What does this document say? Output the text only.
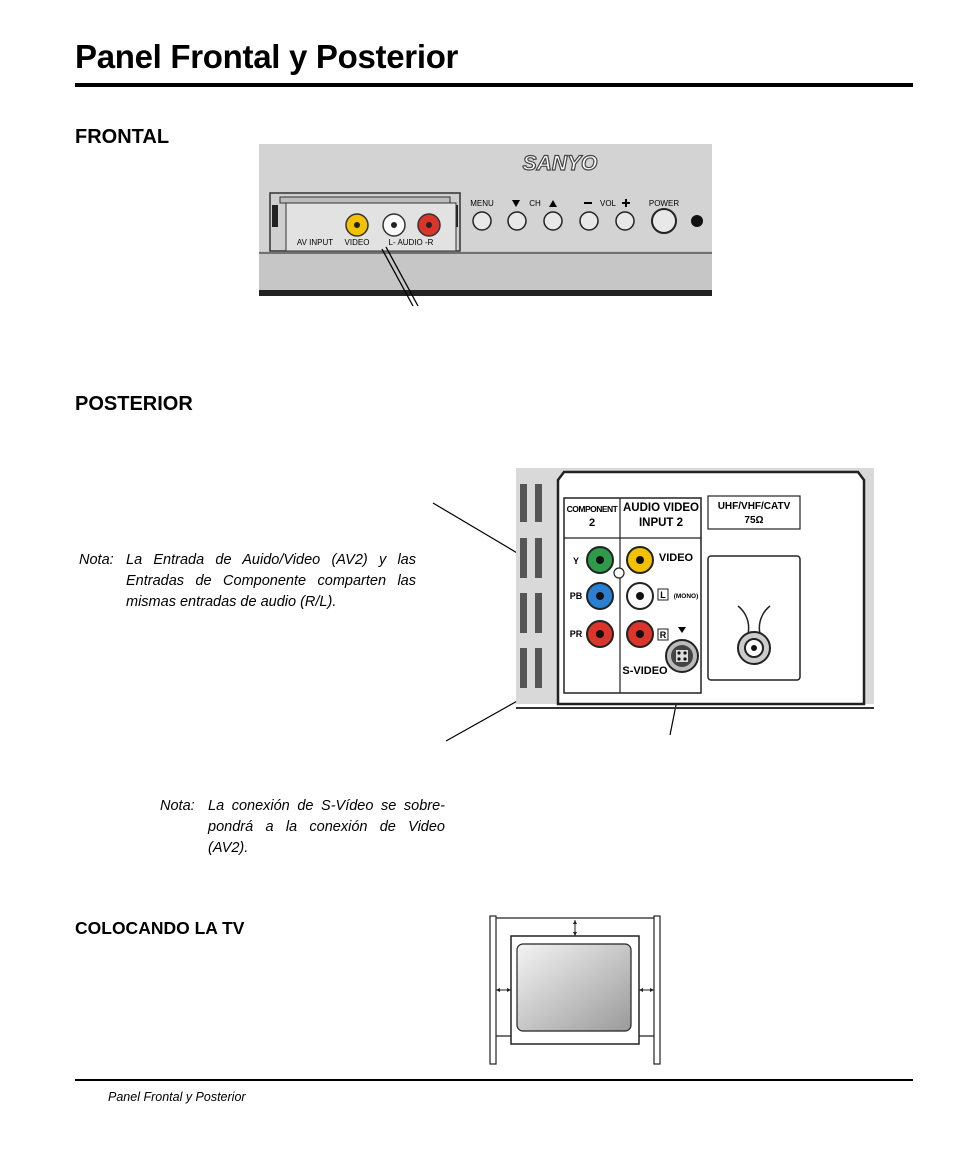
Panel Frontal y Posterior
FRONTAL
SANYO
AV INPUT VIDEO L- AUDIO -R
MENU	CH	VOL	POWER
POSTERIOR
Nota: La Entrada de Auido/Video (AV2) y las Entradas de Componente comparten las mismas entradas de audio (R/L).
Nota: La conexión de S-Vídeo se sobre-pondrá a la conexión de Video (AV2).
COMPONENT
2
AUDIO VIDEO
INPUT 2
Y
PB
PR
VIDEO
L (MONO)
R
S-VIDEO
UHF/VHF/CATV
75Ω
COLOCANDO LA TV
Panel Frontal y Posterior
